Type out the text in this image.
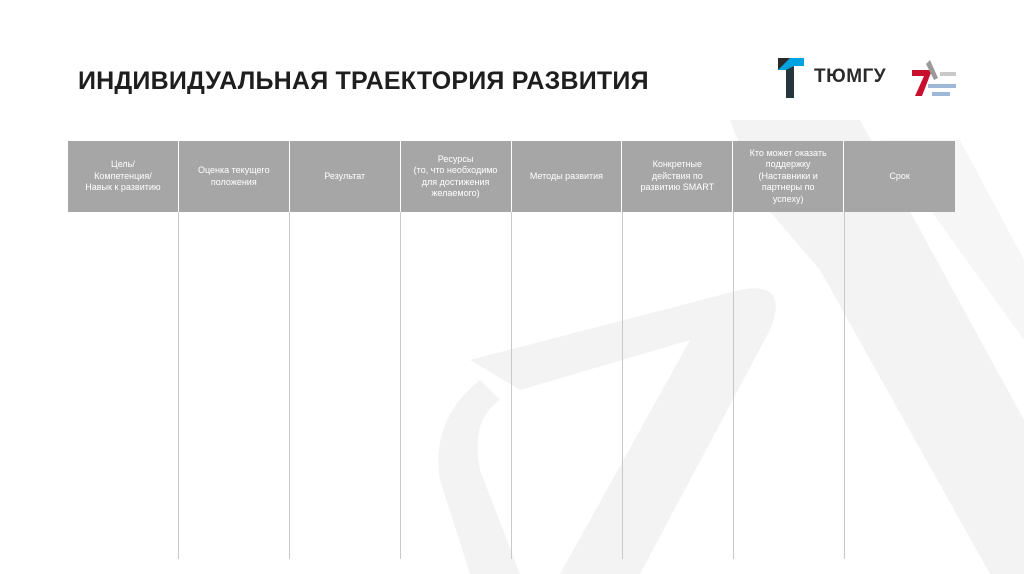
ИНДИВИДУАЛЬНАЯ ТРАЕКТОРИЯ РАЗВИТИЯ	ТЮМГУ
Цель/
Компетенция/
Навык к развитию
Оценка текущего
положения
Результат
Ресурсы
(то, что необходимо
для достижения
желаемого)
Методы развития
Конкретные
действия по
развитию SMART
Кто может оказать
поддержку
(Наставники и
партнеры по
успеху)
Срок
